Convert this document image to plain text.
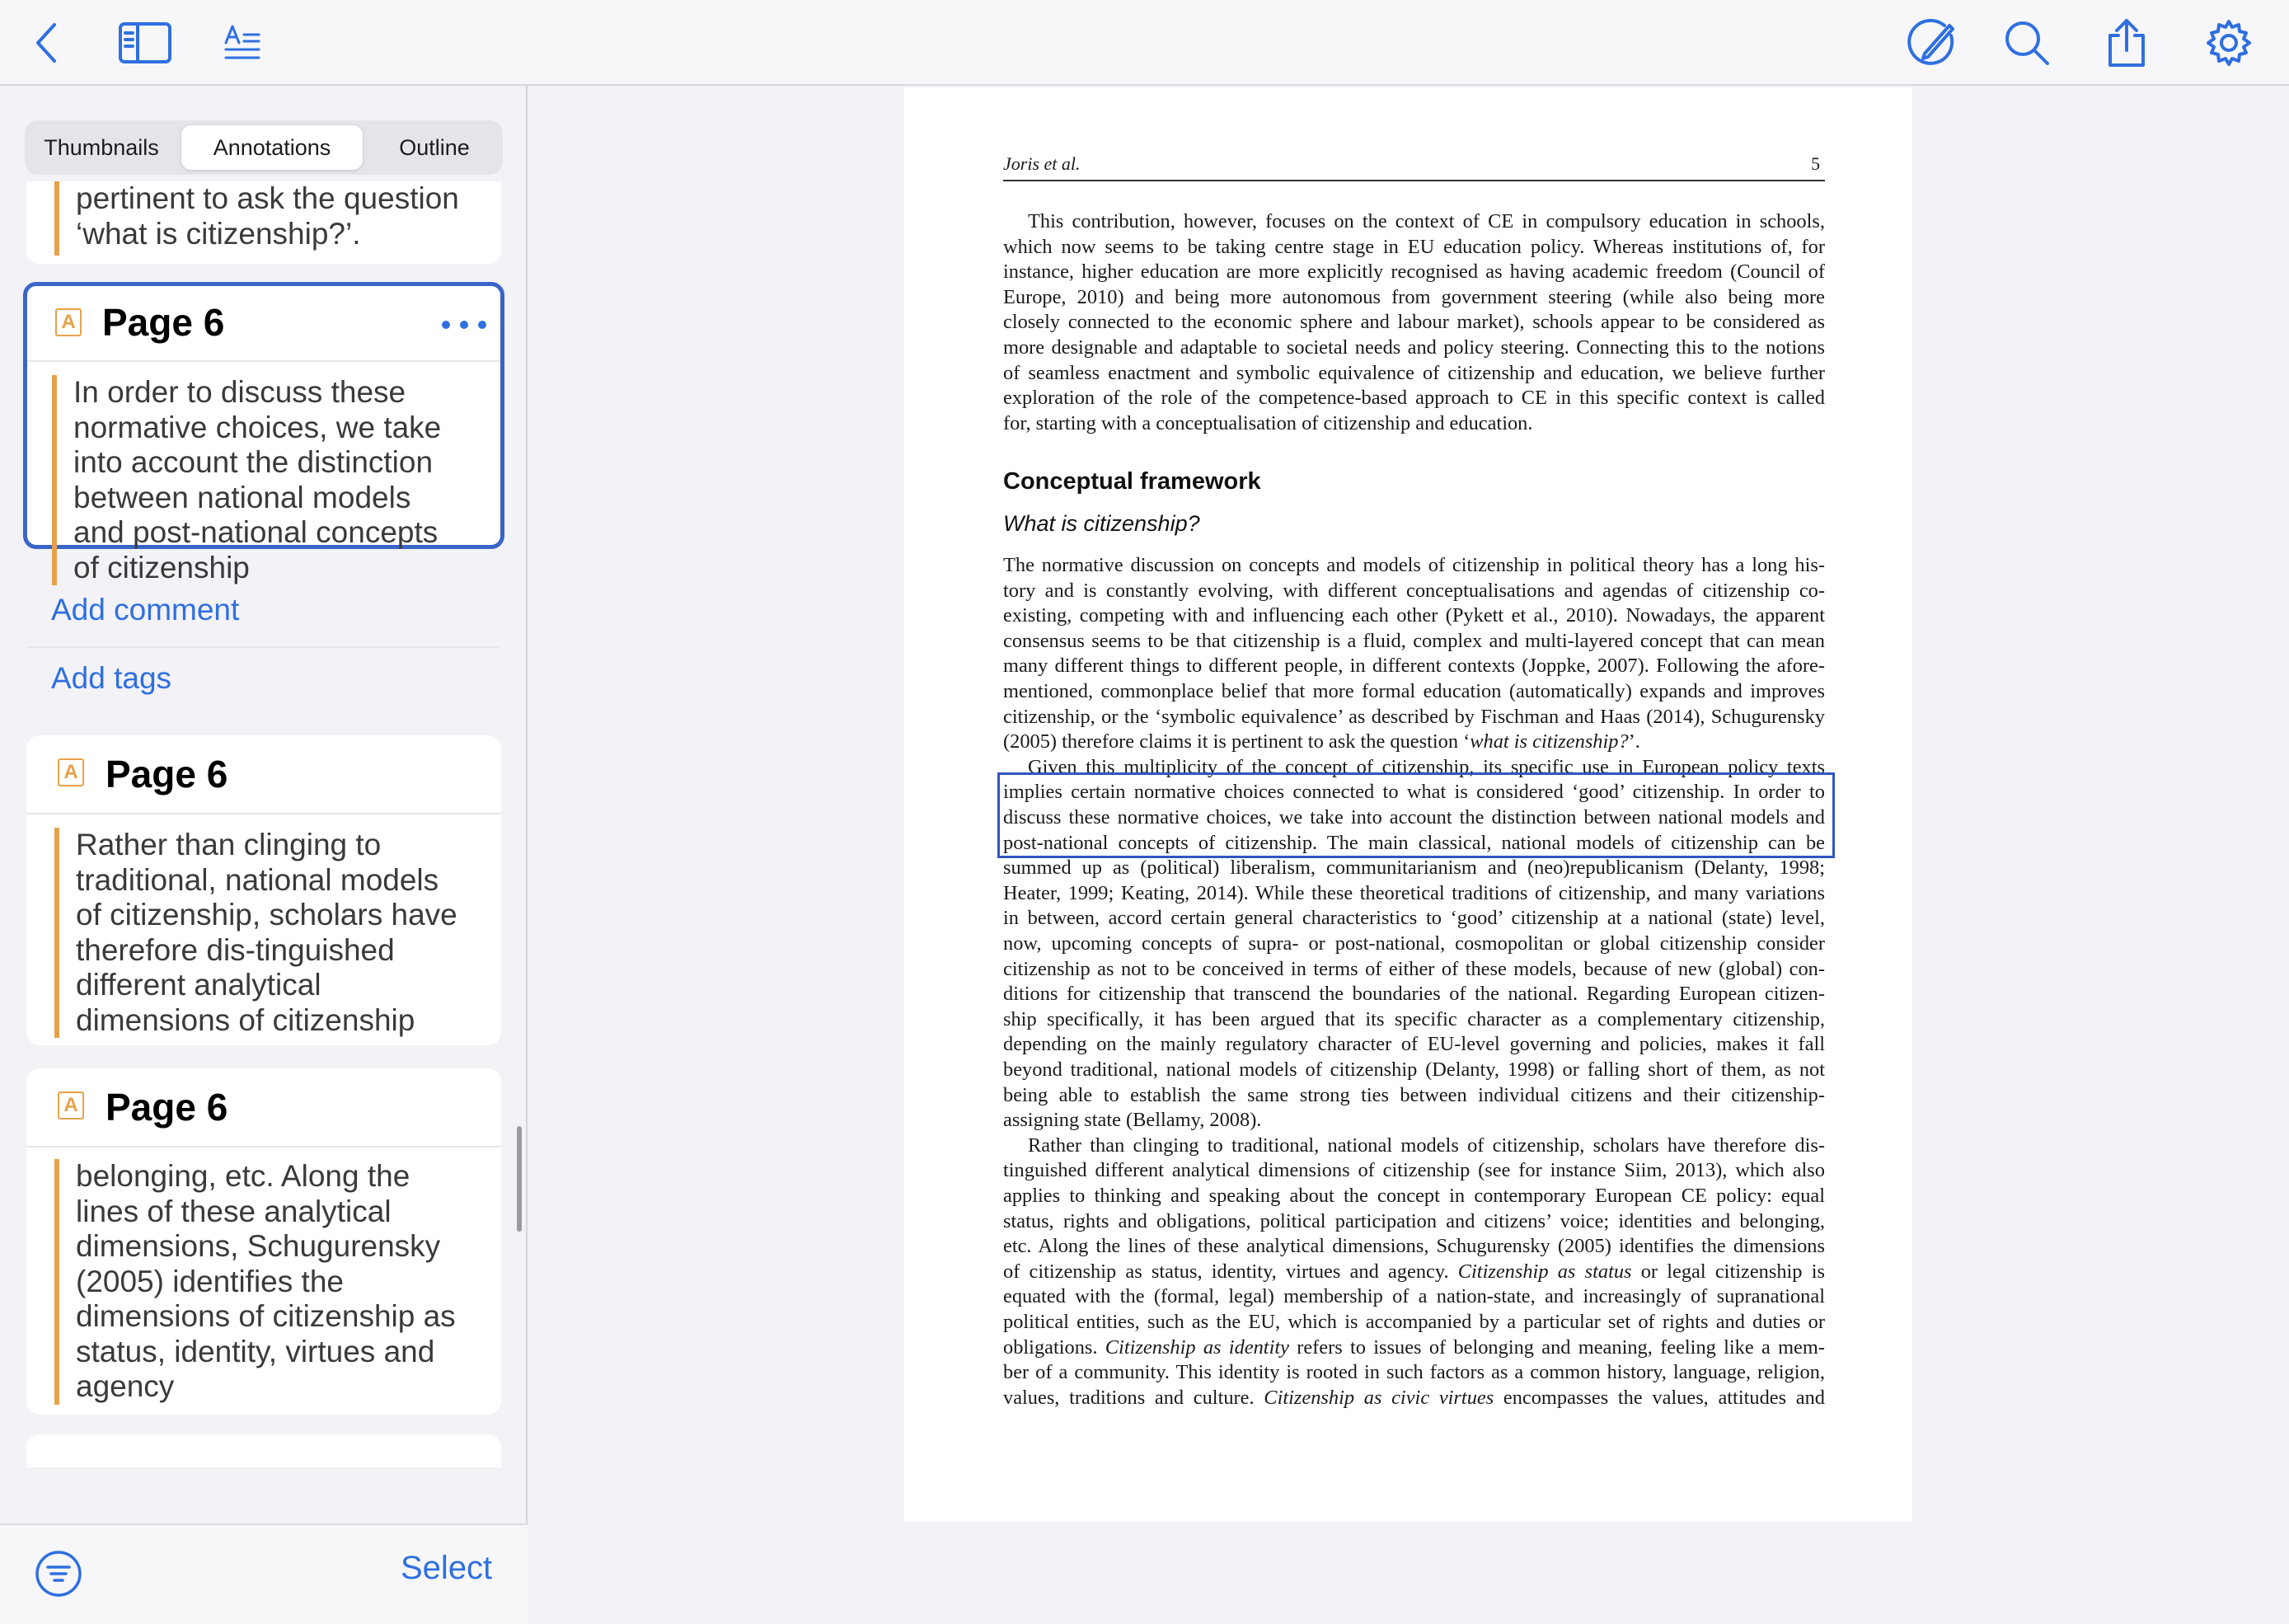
Thumbnails	Annotations	Outline
pertinent to ask the question
‘what is citizenship?’.
A Page 6
In order to discuss these
normative choices, we take
into account the distinction
between national models
and post-national concepts
of citizenship
Add comment
Add tags
A Page 6
Rather than clinging to
traditional, national models
of citizenship, scholars have
therefore dis-tinguished
different analytical
dimensions of citizenship
A Page 6
belonging, etc. Along the
lines of these analytical
dimensions, Schugurensky
(2005) identifies the
dimensions of citizenship as
status, identity, virtues and
agency
Select
Joris et al.	5
This contribution, however, focuses on the context of CE in compulsory education in schools,
which now seems to be taking centre stage in EU education policy. Whereas institutions of, for
instance, higher education are more explicitly recognised as having academic freedom (Council of
Europe, 2010) and being more autonomous from government steering (while also being more
closely connected to the economic sphere and labour market), schools appear to be considered as
more designable and adaptable to societal needs and policy steering. Connecting this to the notions
of seamless enactment and symbolic equivalence of citizenship and education, we believe further
exploration of the role of the competence-based approach to CE in this specific context is called
for, starting with a conceptualisation of citizenship and education.
Conceptual framework
What is citizenship?
The normative discussion on concepts and models of citizenship in political theory has a long his-
tory and is constantly evolving, with different conceptualisations and agendas of citizenship co-
existing, competing with and influencing each other (Pykett et al., 2010). Nowadays, the apparent
consensus seems to be that citizenship is a fluid, complex and multi-layered concept that can mean
many different things to different people, in different contexts (Joppke, 2007). Following the afore-
mentioned, commonplace belief that more formal education (automatically) expands and improves
citizenship, or the ‘symbolic equivalence’ as described by Fischman and Haas (2014), Schugurensky
(2005) therefore claims it is pertinent to ask the question ‘what is citizenship?’.
Given this multiplicity of the concept of citizenship, its specific use in European policy texts
implies certain normative choices connected to what is considered ‘good’ citizenship. In order to
discuss these normative choices, we take into account the distinction between national models and
post-national concepts of citizenship. The main classical, national models of citizenship can be
summed up as (political) liberalism, communitarianism and (neo)republicanism (Delanty, 1998;
Heater, 1999; Keating, 2014). While these theoretical traditions of citizenship, and many variations
in between, accord certain general characteristics to ‘good’ citizenship at a national (state) level,
now, upcoming concepts of supra- or post-national, cosmopolitan or global citizenship consider
citizenship as not to be conceived in terms of either of these models, because of new (global) con-
ditions for citizenship that transcend the boundaries of the national. Regarding European citizen-
ship specifically, it has been argued that its specific character as a complementary citizenship,
depending on the mainly regulatory character of EU-level governing and policies, makes it fall
beyond traditional, national models of citizenship (Delanty, 1998) or falling short of them, as not
being able to establish the same strong ties between individual citizens and their citizenship-
assigning state (Bellamy, 2008).
Rather than clinging to traditional, national models of citizenship, scholars have therefore dis-
tinguished different analytical dimensions of citizenship (see for instance Siim, 2013), which also
applies to thinking and speaking about the concept in contemporary European CE policy: equal
status, rights and obligations, political participation and citizens’ voice; identities and belonging,
etc. Along the lines of these analytical dimensions, Schugurensky (2005) identifies the dimensions
of citizenship as status, identity, virtues and agency. Citizenship as status or legal citizenship is
equated with the (formal, legal) membership of a nation-state, and increasingly of supranational
political entities, such as the EU, which is accompanied by a particular set of rights and duties or
obligations. Citizenship as identity refers to issues of belonging and meaning, feeling like a mem-
ber of a community. This identity is rooted in such factors as a common history, language, religion,
values, traditions and culture. Citizenship as civic virtues encompasses the values, attitudes and
